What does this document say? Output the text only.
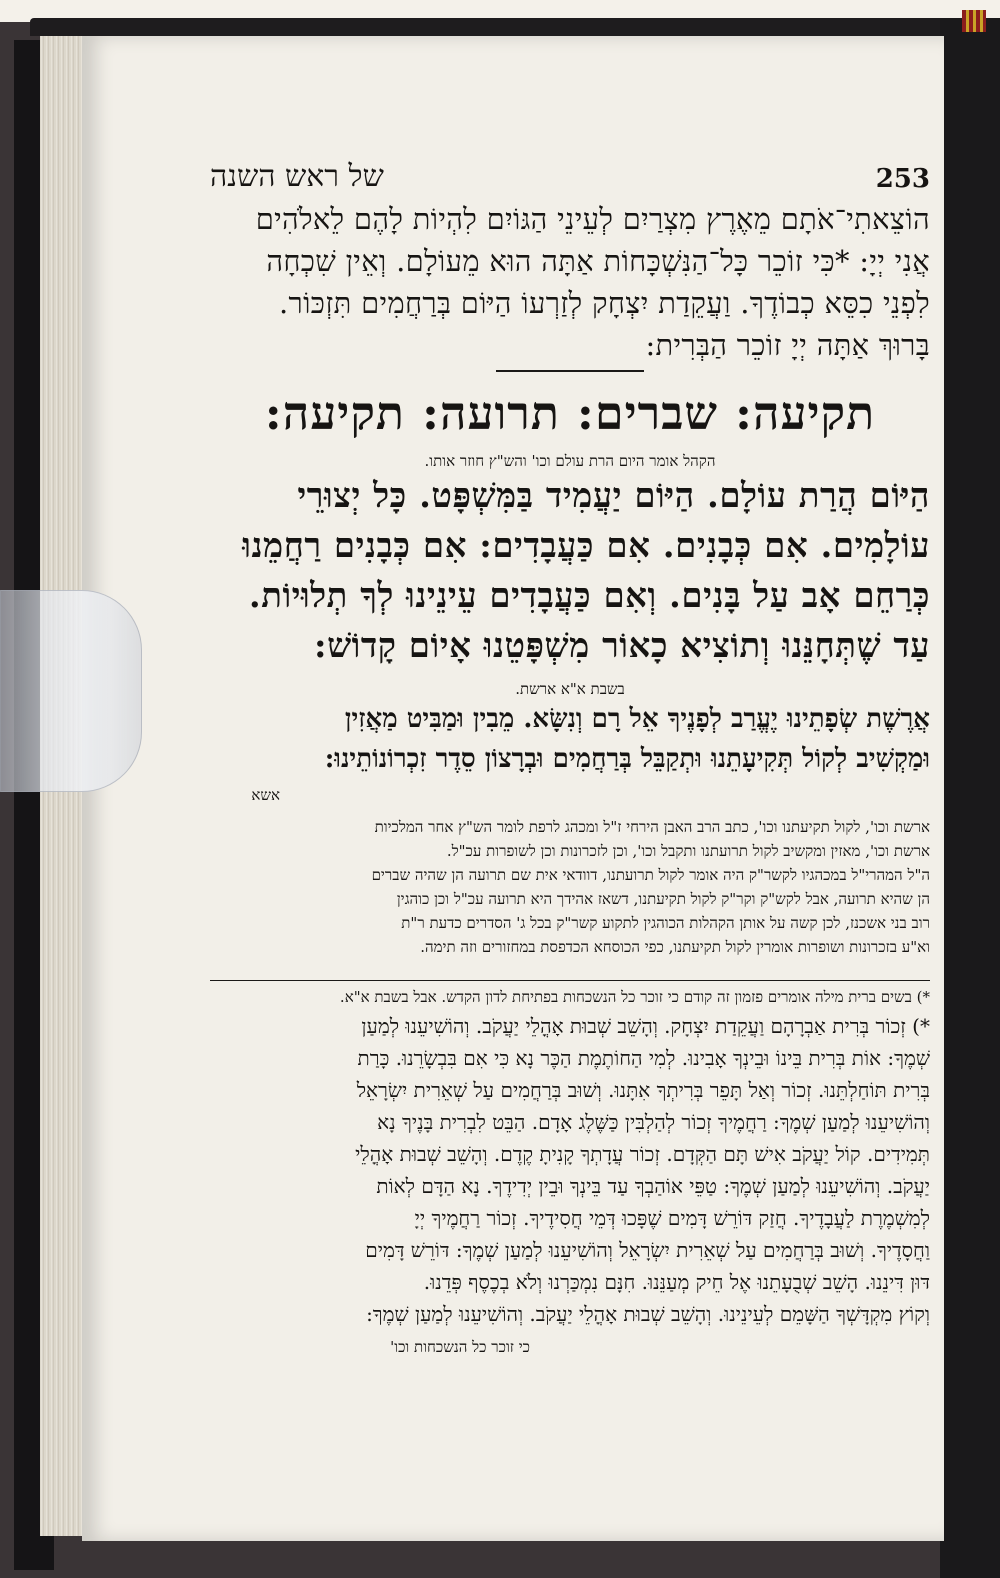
253
של ראש השנה
הוֹצֵאתִי־אֹתָם מֵאֶרֶץ מִצְרַיִם לְעֵינֵי הַגּוֹיִם לִהְיוֹת לָהֶם לֵאלֹהִים
אֲנִי יְיָ: *כִּי זוֹכֵר כָּל־הַנִּשְׁכָּחוֹת אַתָּה הוּא מֵעוֹלָם. וְאֵין שִׁכְחָה
לִפְנֵי כִסֵּא כְבוֹדֶךָ. וַעֲקֵדַת יִצְחָק לְזַרְעוֹ הַיּוֹם בְּרַחֲמִים תִּזְכּוֹר.
בָּרוּךְ אַתָּה יְיָ זוֹכֵר הַבְּרִית:
תקיעה: שברים: תרועה: תקיעה:
הקהל אומר היום הרת עולם וכו' והש"ץ חוזר אותו.
הַיּוֹם הֲרַת עוֹלָם. הַיּוֹם יַעֲמִיד בַּמִּשְׁפָּט. כָּל יְצוּרֵי
עוֹלָמִים. אִם כְּבָנִים. אִם כַּעֲבָדִים: אִם כְּבָנִים רַחֲמֵנוּ
כְּרַחֵם אָב עַל בָּנִים. וְאִם כַּעֲבָדִים עֵינֵינוּ לְךָ תְלוּיוֹת.
עַד שֶׁתְּחָנֵּנוּ וְתוֹצִיא כָאוֹר מִשְׁפָּטֵנוּ אָיוֹם קָדוֹשׁ:
בשבת א"א ארשת.
אֲרֶשֶׁת שְׂפָתֵינוּ יֶעֱרַב לְפָנֶיךָ אֵל רָם וְנִשָּׂא. מֵבִין וּמַבִּיט מַאֲזִין
וּמַקְשִׁיב לְקוֹל תְּקִיעָתֵנוּ וּתְקַבֵּל בְּרַחֲמִים וּבְרָצוֹן סֵדֶר זִכְרוֹנוֹתֵינוּ:
אשא
ארשת וכו', לקול תקיעתנו וכו', כתב הרב האבן הירחי ז"ל ומכהג לרפת לומר הש"ץ אחר המלכיות
ארשת וכו', מאזין ומקשיב לקול תרועתנו ותקבל וכו', וכן לזכרונות וכן לשופרות עכ"ל.
ה"ל המהרי"ל במכהגיו לקשר"ק היה אומר לקול תרועתנו, דוודאי אית שם תרועה הן שהיה שברים
הן שהיא תרועה, אבל לקש"ק וקר"ק לקול תקיעתנו, דשאז אהידך היא תרועה עכ"ל וכן כוהגין
רוב בני אשכנז, לכן קשה על אותן הקהלות הכוהגין לתקוע קשר"ק בכל ג' הסדרים כדעת ר"ת
וא"ע בזכרונות ושופרות אומרין לקול תקיעתנו, כפי הכוסחא הכדפסת במחזורים וזה תימה.
*) בשים ברית מילה אומרים פזמון זה קודם כי זוכר כל הנשכחות בפתיחת לדון הקדש. אבל בשבת א"א.
*) זְכוֹר בְּרִית אַבְרָהָם וַעֲקֵדַת יִצְחָק. וְהָשֵׁב שְׁבוּת אָהֳלֵי יַעֲקֹב. וְהוֹשִׁיעֵנוּ לְמַעַן
שְׁמֶךָ: אוֹת בְּרִית בֵּינוֹ וּבֵינְךָ אָבִינוּ. לְמִי הַחוֹתֶמֶת הַכֶּר נָא כִּי אִם בִּבְשָׂרֵנוּ. כָּרַת
בְּרִית תּוֹחַלְתֵּנוּ. זְכוֹר וְאַל תָּפֵר בְּרִיתְךָ אִתָּנוּ. וְשׁוּב בְּרַחֲמִים עַל שְׁאֵרִית יִשְׂרָאֵל
וְהוֹשִׁיעֵנוּ לְמַעַן שְׁמֶךָ: רַחֲמֶיךָ זְכוֹר לְהַלְבִּין כַּשֶּׁלֶג אָדָם. הַבֵּט לִבְרִית בָּנֶיךָ נָא
תְּמִידִים. קוֹל יַעֲקֹב אִישׁ תָּם הַקְּדָם. זְכוֹר עֲדָתְךָ קָנִיתָ קֶדֶם. וְהָשֵׁב שְׁבוּת אָהֳלֵי
יַעֲקֹב. וְהוֹשִׁיעֵנוּ לְמַעַן שְׁמֶךָ: טַפֵּי אוֹהַבְךָ עַד בֵּינְךָ וּבֵין יְדִידֶךָ. נָא הַדָּם לְאוֹת
לְמִשְׁמֶרֶת לַעֲבָדֶיךָ. חֲזַק דּוֹרֵשׁ דָּמִים שֶׁפָּכוּ דְּמֵי חֲסִידֶיךָ. זְכוֹר רַחֲמֶיךָ יְיָ
וַחֲסָדֶיךָ. וְשׁוּב בְּרַחֲמִים עַל שְׁאֵרִית יִשְׂרָאֵל וְהוֹשִׁיעֵנוּ לְמַעַן שְׁמֶךָ: דּוֹרֵשׁ דָּמִים
דּוּן דִּינֵנוּ. הָשֵׁב שְׁבֻעָתֵנוּ אֶל חֵיק מְעַנֵּנוּ. חִנָּם נִמְכַּרְנוּ וְלֹא בְכֶסֶף פְּדֵנוּ.
וְקוֹץ מִקְדָּשְׁךָ הַשָּׁמֵם לְעֵינֵינוּ. וְהָשֵׁב שְׁבוּת אָהֳלֵי יַעֲקֹב. וְהוֹשִׁיעֵנוּ לְמַעַן שְׁמֶךָ:
כי זוכר כל הנשכחות וכו'
